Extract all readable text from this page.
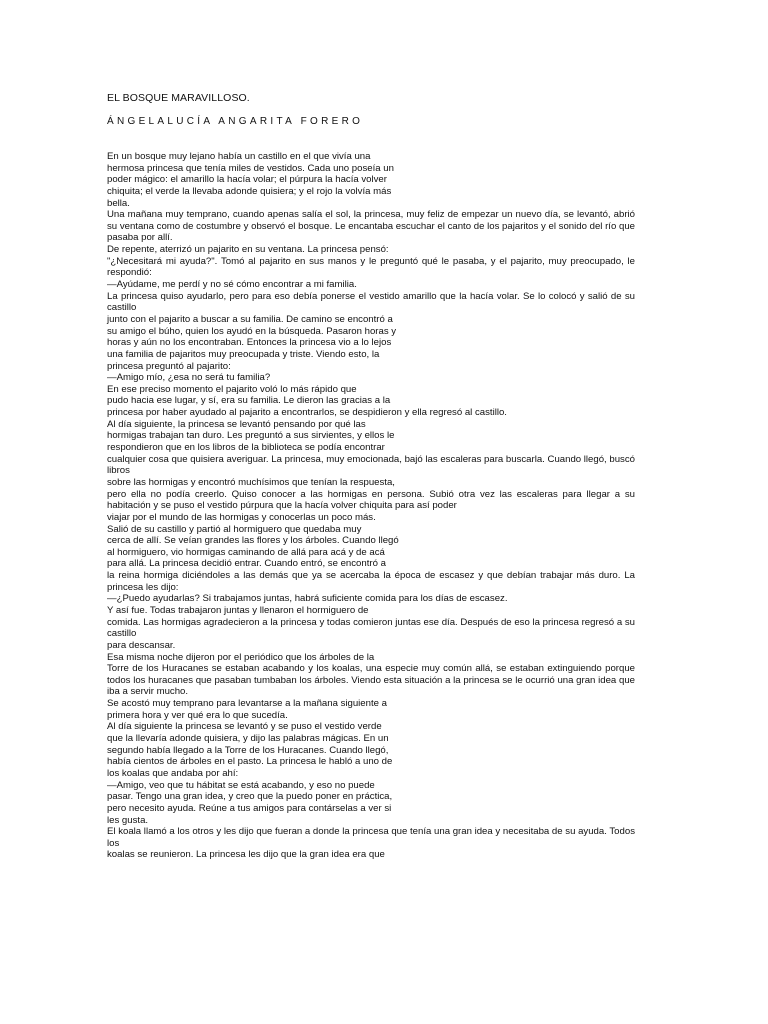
EL BOSQUE MARAVILLOSO.
ÁNGELALUCÍA ANGARITA FORERO
En un bosque muy lejano había un castillo en el que vivía una
hermosa princesa que tenía miles de vestidos. Cada uno poseía un
poder mágico: el amarillo la hacía volar; el púrpura la hacía volver
chiquita; el verde la llevaba adonde quisiera; y el rojo la volvía más
bella.
Una mañana muy temprano, cuando apenas salía el sol, la princesa, muy feliz de empezar un nuevo día, se levantó, abrió
su ventana como de costumbre y observó el bosque. Le encantaba escuchar el canto de los pajaritos y el sonido del río que
pasaba por allí.
De repente, aterrizó un pajarito en su ventana. La princesa pensó:
"¿Necesitará mi ayuda?". Tomó al pajarito en sus manos y le preguntó qué le pasaba, y el pajarito, muy preocupado, le
respondió:
—Ayúdame, me perdí y no sé cómo encontrar a mi familia.
La princesa quiso ayudarlo, pero para eso debía ponerse el vestido amarillo que la hacía volar. Se lo colocó y salió de su
castillo
junto con el pajarito a buscar a su familia. De camino se encontró a
su amigo el búho, quien los ayudó en la búsqueda. Pasaron horas y
horas y aún no los encontraban. Entonces la princesa vio a lo lejos
una familia de pajaritos muy preocupada y triste. Viendo esto, la
princesa preguntó al pajarito:
—Amigo mío, ¿esa no será tu familia?
En ese preciso momento el pajarito voló lo más rápido que
pudo hacia ese lugar, y sí, era su familia. Le dieron las gracias a la
princesa por haber ayudado al pajarito a encontrarlos, se despidieron y ella regresó al castillo.
Al día siguiente, la princesa se levantó pensando por qué las
hormigas trabajan tan duro. Les preguntó a sus sirvientes, y ellos le
respondieron que en los libros de la biblioteca se podía encontrar
cualquier cosa que quisiera averiguar. La princesa, muy emocionada, bajó las escaleras para buscarla. Cuando llegó, buscó
libros
sobre las hormigas y encontró muchísimos que tenían la respuesta,
pero ella no podía creerlo. Quiso conocer a las hormigas en persona. Subió otra vez las escaleras para llegar a su
habitación y se puso el vestido púrpura que la hacía volver chiquita para así poder
viajar por el mundo de las hormigas y conocerlas un poco más.
Salió de su castillo y partió al hormiguero que quedaba muy
cerca de allí. Se veían grandes las flores y los árboles. Cuando llegó
al hormiguero, vio hormigas caminando de allá para acá y de acá
para allá. La princesa decidió entrar. Cuando entró, se encontró a
la reina hormiga diciéndoles a las demás que ya se acercaba la época de escasez y que debían trabajar más duro. La
princesa les dijo:
—¿Puedo ayudarlas? Si trabajamos juntas, habrá suficiente comida para los días de escasez.
Y así fue. Todas trabajaron juntas y llenaron el hormiguero de
comida. Las hormigas agradecieron a la princesa y todas comieron juntas ese día. Después de eso la princesa regresó a su
castillo
para descansar.
Esa misma noche dijeron por el periódico que los árboles de la
Torre de los Huracanes se estaban acabando y los koalas, una especie muy común allá, se estaban extinguiendo porque
todos los huracanes que pasaban tumbaban los árboles. Viendo esta situación a la princesa se le ocurrió una gran idea que
iba a servir mucho.
Se acostó muy temprano para levantarse a la mañana siguiente a
primera hora y ver qué era lo que sucedía.
Al día siguiente la princesa se levantó y se puso el vestido verde
que la llevaría adonde quisiera, y dijo las palabras mágicas. En un
segundo había llegado a la Torre de los Huracanes. Cuando llegó,
había cientos de árboles en el pasto. La princesa le habló a uno de
los koalas que andaba por ahí:
—Amigo, veo que tu hábitat se está acabando, y eso no puede
pasar. Tengo una gran idea, y creo que la puedo poner en práctica,
pero necesito ayuda. Reúne a tus amigos para contárselas a ver si
les gusta.
El koala llamó a los otros y les dijo que fueran a donde la princesa que tenía una gran idea y necesitaba de su ayuda. Todos
los
koalas se reunieron. La princesa les dijo que la gran idea era que
